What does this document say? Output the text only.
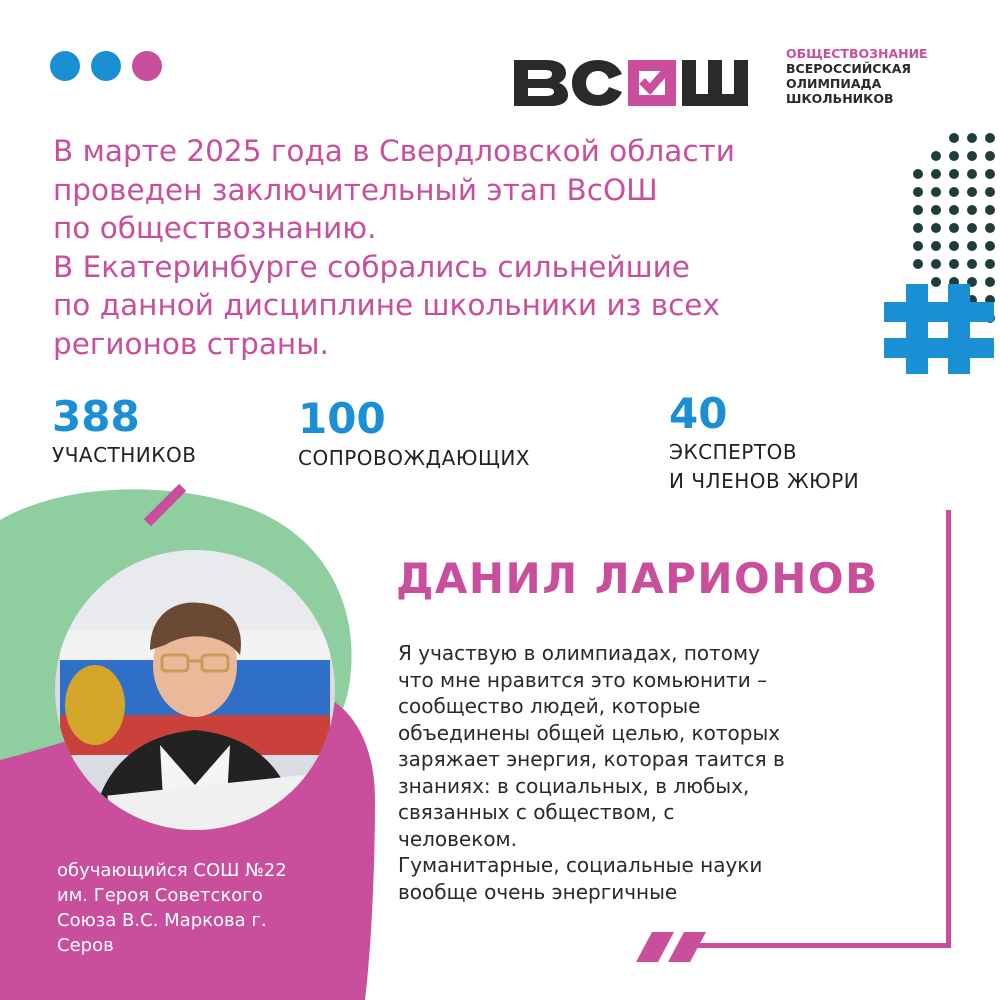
ОБЩЕСТВОЗНАНИЕ
ВСЕРОССИЙСКАЯ
ОЛИМПИАДА
ШКОЛЬНИКОВ
В марте 2025 года в Свердловской области
проведен заключительный этап ВсОШ
по обществознанию.
В Екатеринбурге собрались сильнейшие
по данной дисциплине школьники из всех
регионов страны.
388
УЧАСТНИКОВ
100
СОПРОВОЖДАЮЩИХ
40
ЭКСПЕРТОВ
И ЧЛЕНОВ ЖЮРИ
обучающийся СОШ №22
им. Героя Советского
Союза В.С. Маркова г.
Серов
ДАНИЛ ЛАРИОНОВ
Я участвую в олимпиадах, потому
что мне нравится это комьюнити –
сообщество людей, которые
объединены общей целью, которых
заряжает энергия, которая таится в
знаниях: в социальных, в любых,
связанных с обществом, с
человеком.
Гуманитарные, социальные науки
вообще очень энергичные
